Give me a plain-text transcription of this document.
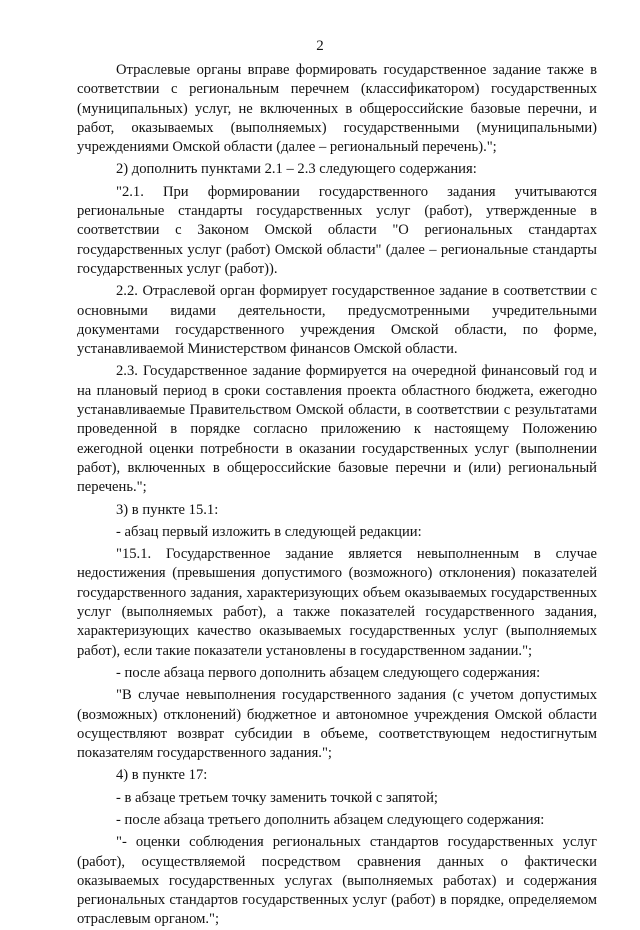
2

Отраслевые органы вправе формировать государственное задание также в соответствии с региональным перечнем (классификатором) государственных (муниципальных) услуг, не включенных в общероссийские базовые перечни, и работ, оказываемых (выполняемых) государственными (муниципальными) учреждениями Омской области (далее – региональный перечень).";

2) дополнить пунктами 2.1 – 2.3 следующего содержания:

"2.1. При формировании государственного задания учитываются региональные стандарты государственных услуг (работ), утвержденные в соответствии с Законом Омской области "О региональных стандартах государственных услуг (работ) Омской области" (далее – региональные стандарты государственных услуг (работ)).

2.2. Отраслевой орган формирует государственное задание в соответствии с основными видами деятельности, предусмотренными учредительными документами государственного учреждения Омской области, по форме, устанавливаемой Министерством финансов Омской области.

2.3. Государственное задание формируется на очередной финансовый год и на плановый период в сроки составления проекта областного бюджета, ежегодно устанавливаемые Правительством Омской области, в соответствии с результатами проведенной в порядке согласно приложению к настоящему Положению ежегодной оценки потребности в оказании государственных услуг (выполнении работ), включенных в общероссийские базовые перечни и (или) региональный перечень.";

3) в пункте 15.1:

- абзац первый изложить в следующей редакции:

"15.1. Государственное задание является невыполненным в случае недостижения (превышения допустимого (возможного) отклонения) показателей государственного задания, характеризующих объем оказываемых государственных услуг (выполняемых работ), а также показателей государственного задания, характеризующих качество оказываемых государственных услуг (выполняемых работ), если такие показатели установлены в государственном задании.";

- после абзаца первого дополнить абзацем следующего содержания:

"В случае невыполнения государственного задания (с учетом допустимых (возможных) отклонений) бюджетное и автономное учреждения Омской области осуществляют возврат субсидии в объеме, соответствующем недостигнутым показателям государственного задания.";

4) в пункте 17:

- в абзаце третьем точку заменить точкой с запятой;

- после абзаца третьего дополнить абзацем следующего содержания:

"- оценки соблюдения региональных стандартов государственных услуг (работ), осуществляемой посредством сравнения данных о фактически оказываемых государственных услугах (выполняемых работах) и содержания региональных стандартов государственных услуг (работ) в порядке, определяемом отраслевым органом.";
